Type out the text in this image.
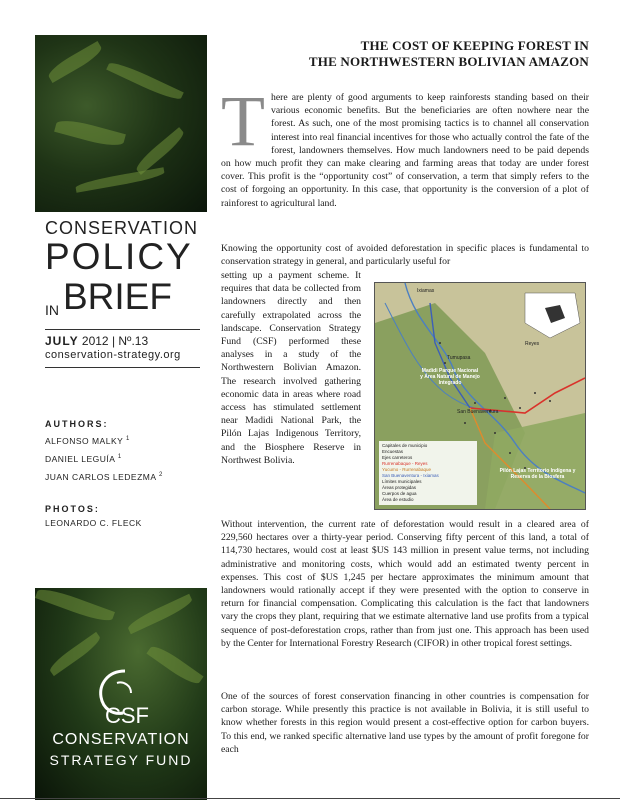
CONSERVATION
POLICY
IN BRIEF
JULY 2012 | Nº.13
conservation-strategy.org
AUTHORS:
ALFONSO MALKY $^1$
DANIEL LEGUÍA $^1$
JUAN CARLOS LEDEZMA $^2$
PHOTOS:
LEONARDO C. FLECK
CSF
CONSERVATION
STRATEGY FUND
THE COST OF KEEPING FOREST IN
THE NORTHWESTERN BOLIVIAN AMAZON
There are plenty of good arguments to keep rainforests standing based on their various economic benefits. But the beneficiaries are often nowhere near the forest. As such, one of the most promising tactics is to channel all conservation interest into real financial incentives for those who actually control the fate of the forest, landowners themselves. How much landowners need to be paid depends on how much profit they can make clearing and farming areas that today are under forest cover. This profit is the “opportunity cost” of conservation, a term that simply refers to the cost of forgoing an opportunity. In this case, that opportunity is the conversion of a plot of rainforest to agricultural land.
Knowing the opportunity cost of avoided deforestation in specific places is fundamental to conservation strategy in general, and particularly useful for
setting up a payment scheme. It requires that data be collected from landowners directly and then carefully extrapolated across the landscape. Conservation Strategy Fund (CSF) performed these analyses in a study of the Northwestern Bolivian Amazon. The research involved gathering economic data in areas where road access has stimulated settlement near Madidi National Park, the Pilón Lajas Indigenous Territory, and the Biosphere Reserve in Northwest Bolivia.
Without intervention, the current rate of deforestation would result in a cleared area of 229,560 hectares over a thirty-year period. Conserving fifty percent of this land, a total of 114,730 hectares, would cost at least $US 143 million in present value terms, not including administrative and monitoring costs, which would add an estimated twenty percent in expenses. This cost of $US 1,245 per hectare approximates the minimum amount that landowners would rationally accept if they were presented with the option to conserve in return for financial compensation. Complicating this calculation is the fact that landowners vary the crops they plant, requiring that we estimate alternative land use profits from a typical sequence of post-deforestation crops, rather than from just one. This approach has been used by the Center for International Forestry Research (CIFOR) in other tropical forest settings.
One of the sources of forest conservation financing in other countries is compensation for carbon storage. While presently this practice is not available in Bolivia, it is still useful to know whether forests in this region would present a cost-effective option for carbon buyers. To this end, we ranked specific alternative land use types by the amount of profit foregone for each
Madidi Parque Nacional y Área Natural de Manejo Integrado
Ixiamas
Reyes
San Buenaventura
Tumupasa
Pilón Lajas Territorio Indígena y Reserva de la Biosfera
Capitales de municipio
Encuestas
Ejes carreteros
Rurrenabaque - Reyes
Yucumo - Rurrenabaque
San Buenaventura - Ixiamas
Límites municipales
Áreas protegidas
Cuerpos de agua
Área de estudio
